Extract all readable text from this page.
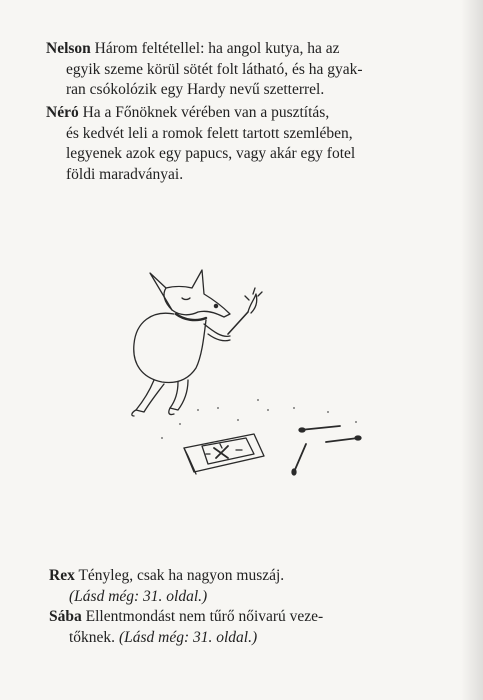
Nelson Három feltétellel: ha angol kutya, ha az
egyik szeme körül sötét folt látható, és ha gyak-
ran csókolózik egy Hardy nevű szetterrel.
Néró Ha a Főnöknek vérében van a pusztítás,
és kedvét leli a romok felett tartott szemlében,
legyenek azok egy papucs, vagy akár egy fotel
földi maradványai.
Rex Tényleg, csak ha nagyon muszáj.
(Lásd még: 31. oldal.)
Sába Ellentmondást nem tűrő nőivarú veze-
tőknek. (Lásd még: 31. oldal.)
